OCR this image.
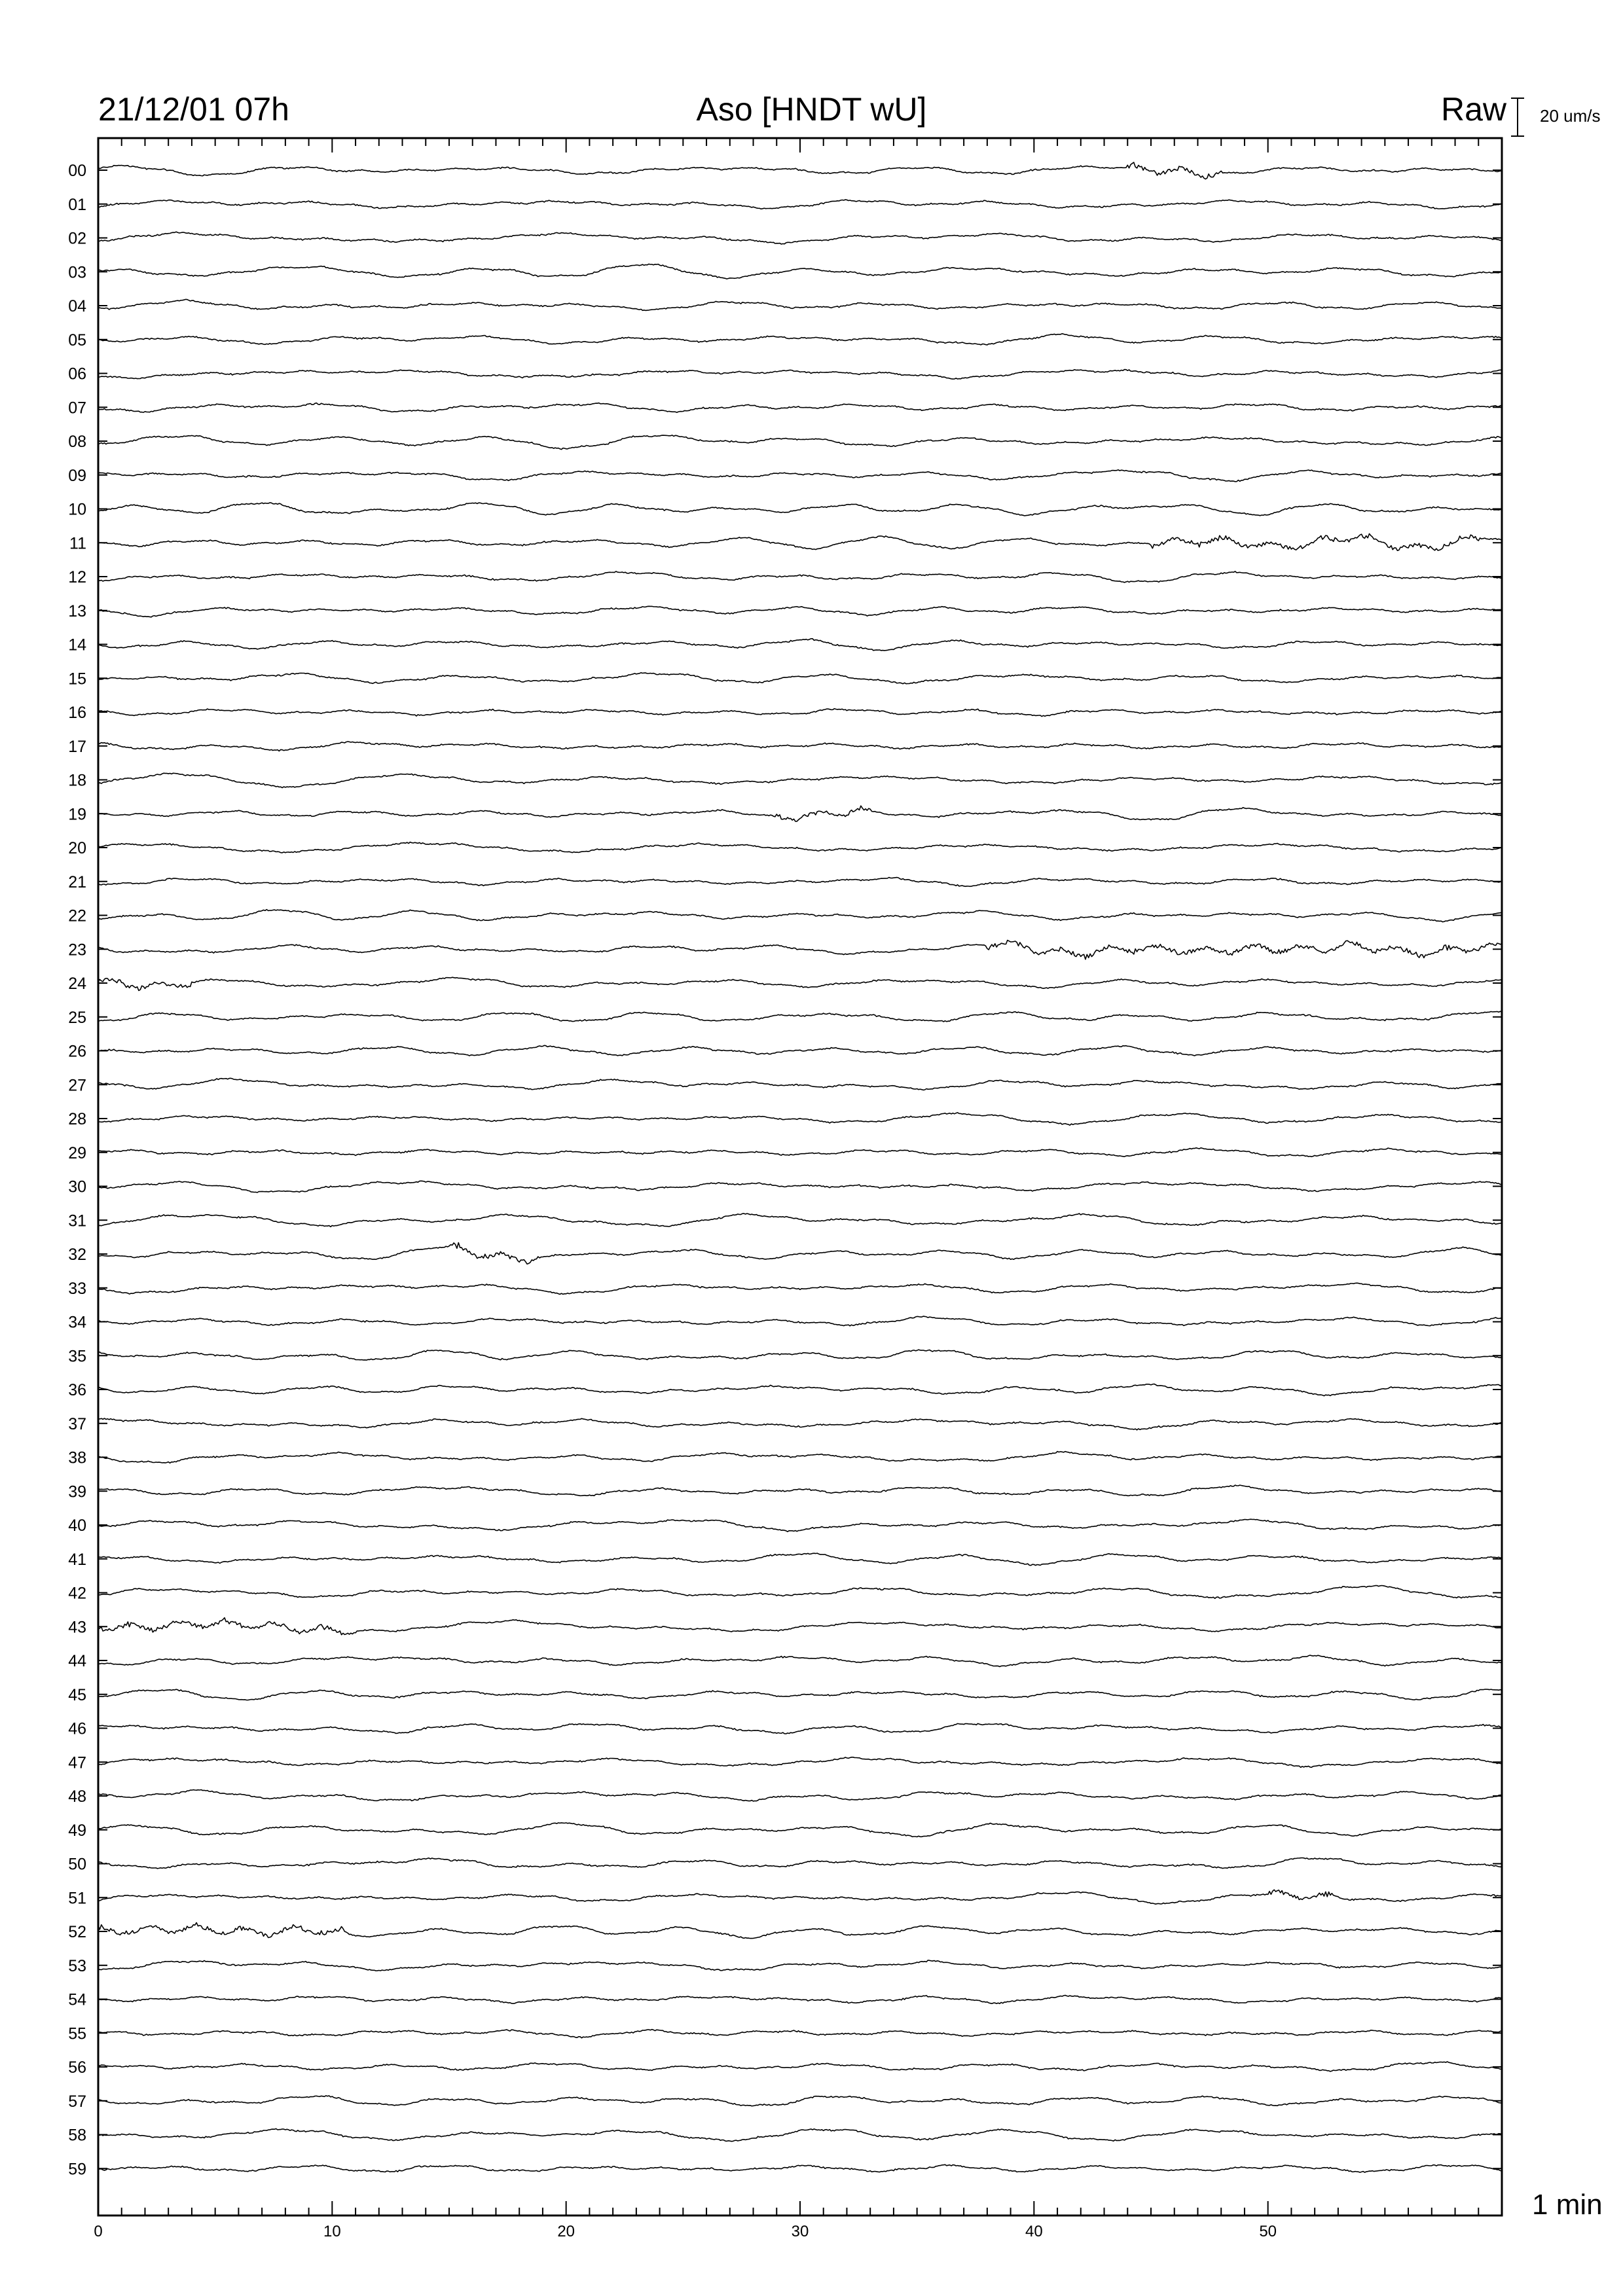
0	10	20	30	40	50
00
01
02
03
04
05
06
07
08
09
10
11
12
13
14
15
16
17
18
19
20
21
22
23
24
25
26
27
28
29
30
31
32
33
34
35
36
37
38
39
40
41
42
43
44
45
46
47
48
49
50
51
52
53
54
55
56
57
58
59
21/12/01 07h	Aso [HNDT wU]	Raw 20 um/s
1 min
